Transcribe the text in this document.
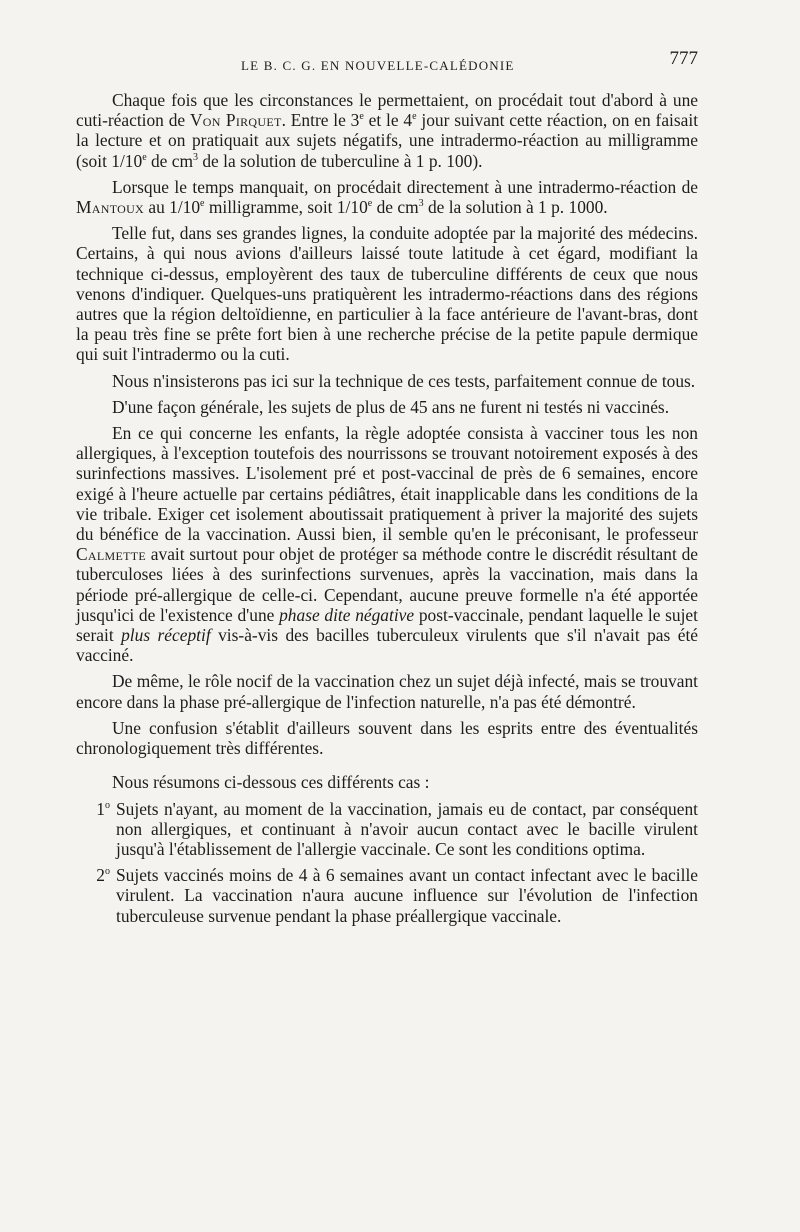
LE B. C. G. EN NOUVELLE-CALÉDONIE	777

Chaque fois que les circonstances le permettaient, on procédait tout d'abord à une cuti-réaction de Von Pirquet. Entre le 3e et le 4e jour suivant cette réaction, on en faisait la lecture et on pratiquait aux sujets négatifs, une intradermo-réaction au milligramme (soit 1/10e de $cm^3$ de la solution de tuberculine à 1 p. 100).

Lorsque le temps manquait, on procédait directement à une intradermo-réaction de Mantoux au 1/10e milligramme, soit 1/10e de $cm^3$ de la solution à 1 p. 1000.

Telle fut, dans ses grandes lignes, la conduite adoptée par la majorité des médecins. Certains, à qui nous avions d'ailleurs laissé toute latitude à cet égard, modifiant la technique ci-dessus, employèrent des taux de tuberculine différents de ceux que nous venons d'indiquer. Quelques-uns pratiquèrent les intradermo-réactions dans des régions autres que la région deltoïdienne, en particulier à la face antérieure de l'avant-bras, dont la peau très fine se prête fort bien à une recherche précise de la petite papule dermique qui suit l'intradermo ou la cuti.

Nous n'insisterons pas ici sur la technique de ces tests, parfaitement connue de tous.

D'une façon générale, les sujets de plus de 45 ans ne furent ni testés ni vaccinés.

En ce qui concerne les enfants, la règle adoptée consista à vacciner tous les non allergiques, à l'exception toutefois des nourrissons se trouvant notoirement exposés à des surinfections massives. L'isolement pré et post-vaccinal de près de 6 semaines, encore exigé à l'heure actuelle par certains pédiâtres, était inapplicable dans les conditions de la vie tribale. Exiger cet isolement aboutissait pratiquement à priver la majorité des sujets du bénéfice de la vaccination. Aussi bien, il semble qu'en le préconisant, le professeur Calmette avait surtout pour objet de protéger sa méthode contre le discrédit résultant de tuberculoses liées à des surinfections survenues, après la vaccination, mais dans la période pré-allergique de celle-ci. Cependant, aucune preuve formelle n'a été apportée jusqu'ici de l'existence d'une phase dite négative post-vaccinale, pendant laquelle le sujet serait plus réceptif vis-à-vis des bacilles tuberculeux virulents que s'il n'avait pas été vacciné.

De même, le rôle nocif de la vaccination chez un sujet déjà infecté, mais se trouvant encore dans la phase pré-allergique de l'infection naturelle, n'a pas été démontré.

Une confusion s'établit d'ailleurs souvent dans les esprits entre des éventualités chronologiquement très différentes.

Nous résumons ci-dessous ces différents cas :

1$^o$ Sujets n'ayant, au moment de la vaccination, jamais eu de contact, par conséquent non allergiques, et continuant à n'avoir aucun contact avec le bacille virulent jusqu'à l'établissement de l'allergie vaccinale. Ce sont les conditions optima.
2$^o$ Sujets vaccinés moins de 4 à 6 semaines avant un contact infectant avec le bacille virulent. La vaccination n'aura aucune influence sur l'évolution de l'infection tuberculeuse survenue pendant la phase préallergique vaccinale.
